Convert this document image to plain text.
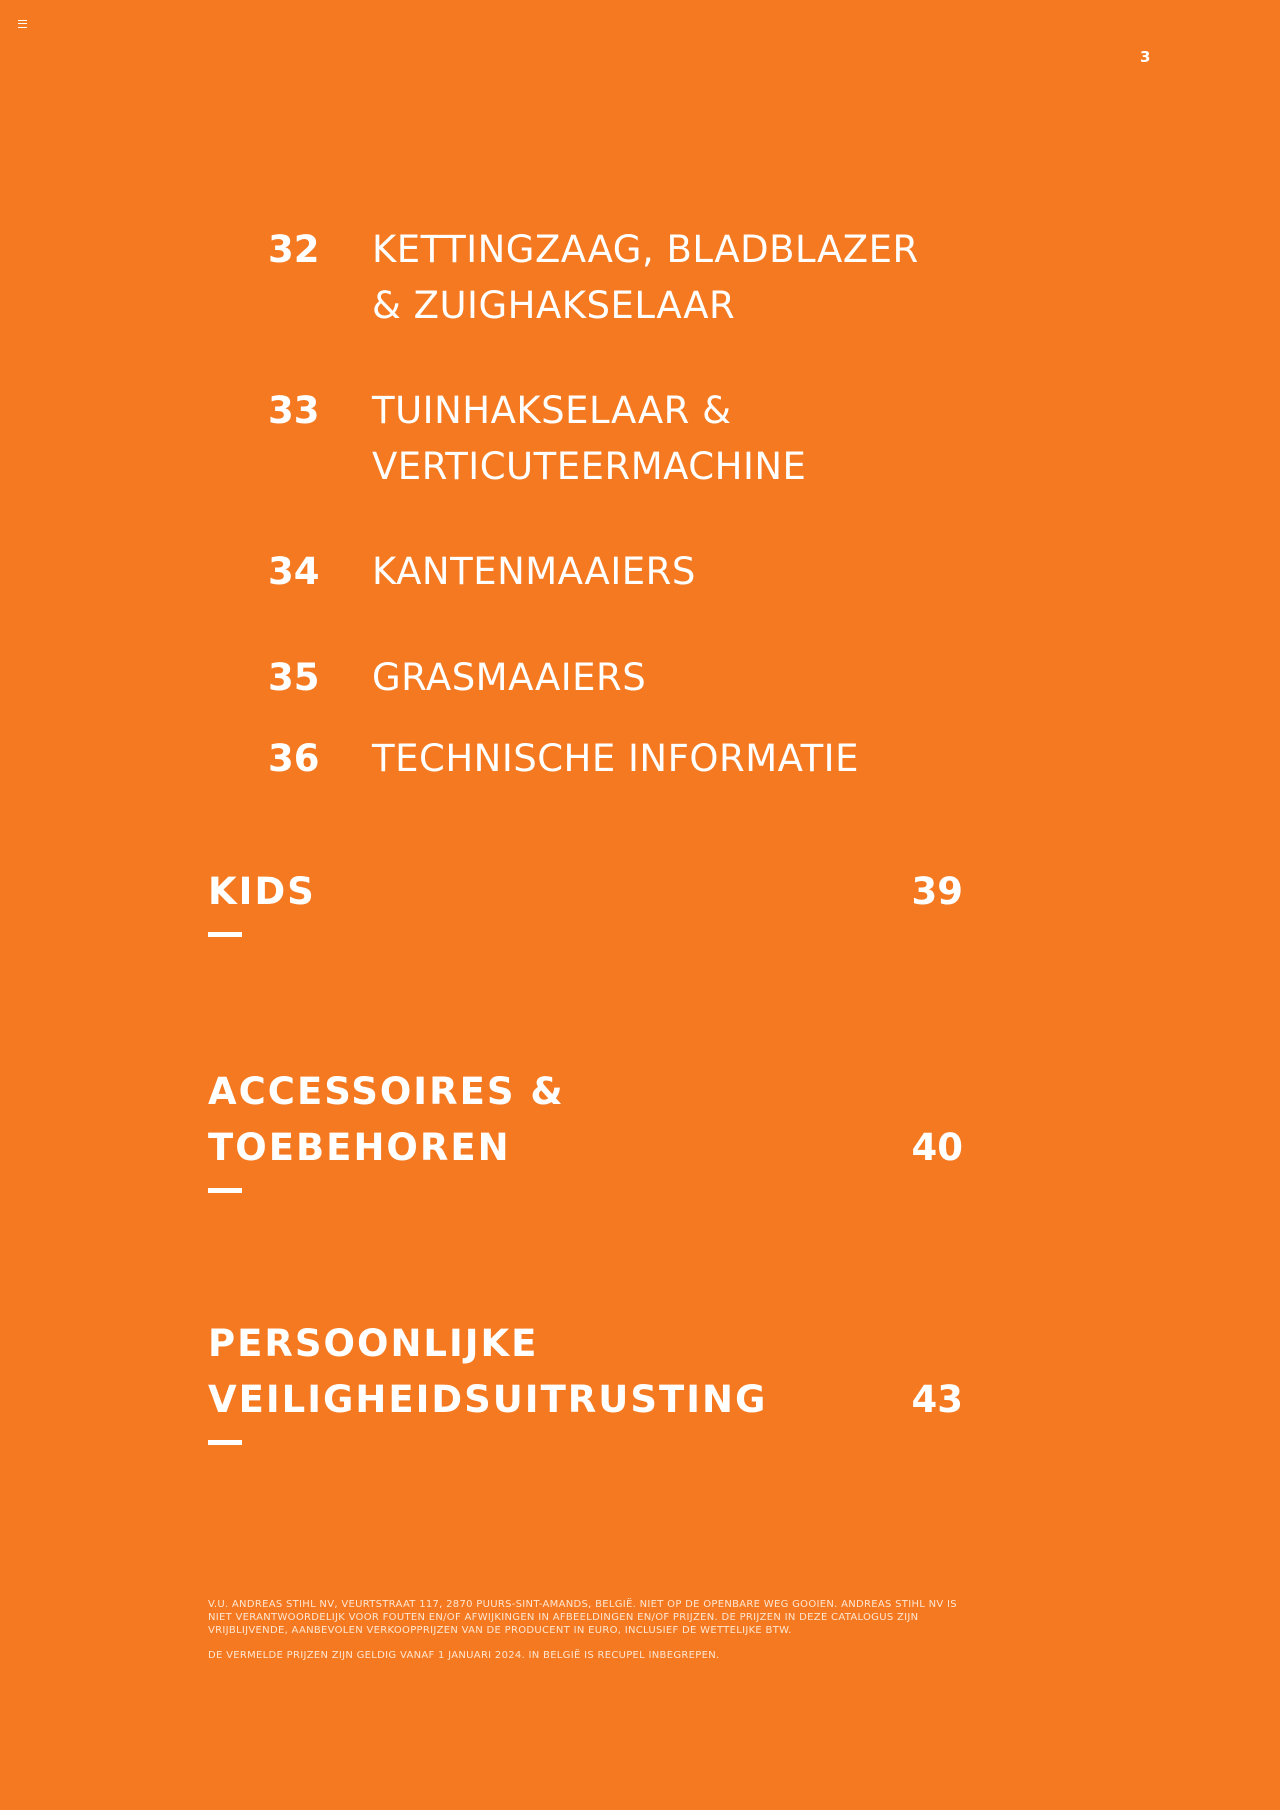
3
32 KETTINGZAAG, BLADBLAZER
& ZUIGHAKSELAAR
33 TUINHAKSELAAR &
VERTICUTEERMACHINE
34 KANTENMAAIERS
35 GRASMAAIERS
36 TECHNISCHE INFORMATIE
KIDS	39
ACCESSOIRES &
TOEBEHOREN	40
PERSOONLIJKE
VEILIGHEIDSUITRUSTING	43

V.U. ANDREAS STIHL NV, VEURTSTRAAT 117, 2870 PUURS-SINT-AMANDS, BELGIË. NIET OP DE OPENBARE WEG GOOIEN. ANDREAS STIHL NV IS NIET VERANTWOORDELIJK VOOR FOUTEN EN/OF AFWIJKINGEN IN AFBEELDINGEN EN/OF PRIJZEN. DE PRIJZEN IN DEZE CATALOGUS ZIJN VRIJBLIJVENDE, AANBEVOLEN VERKOOPPRIJZEN VAN DE PRODUCENT IN EURO, INCLUSIEF DE WETTELIJKE BTW.

DE VERMELDE PRIJZEN ZIJN GELDIG VANAF 1 JANUARI 2024. IN BELGIË IS RECUPEL INBEGREPEN.
